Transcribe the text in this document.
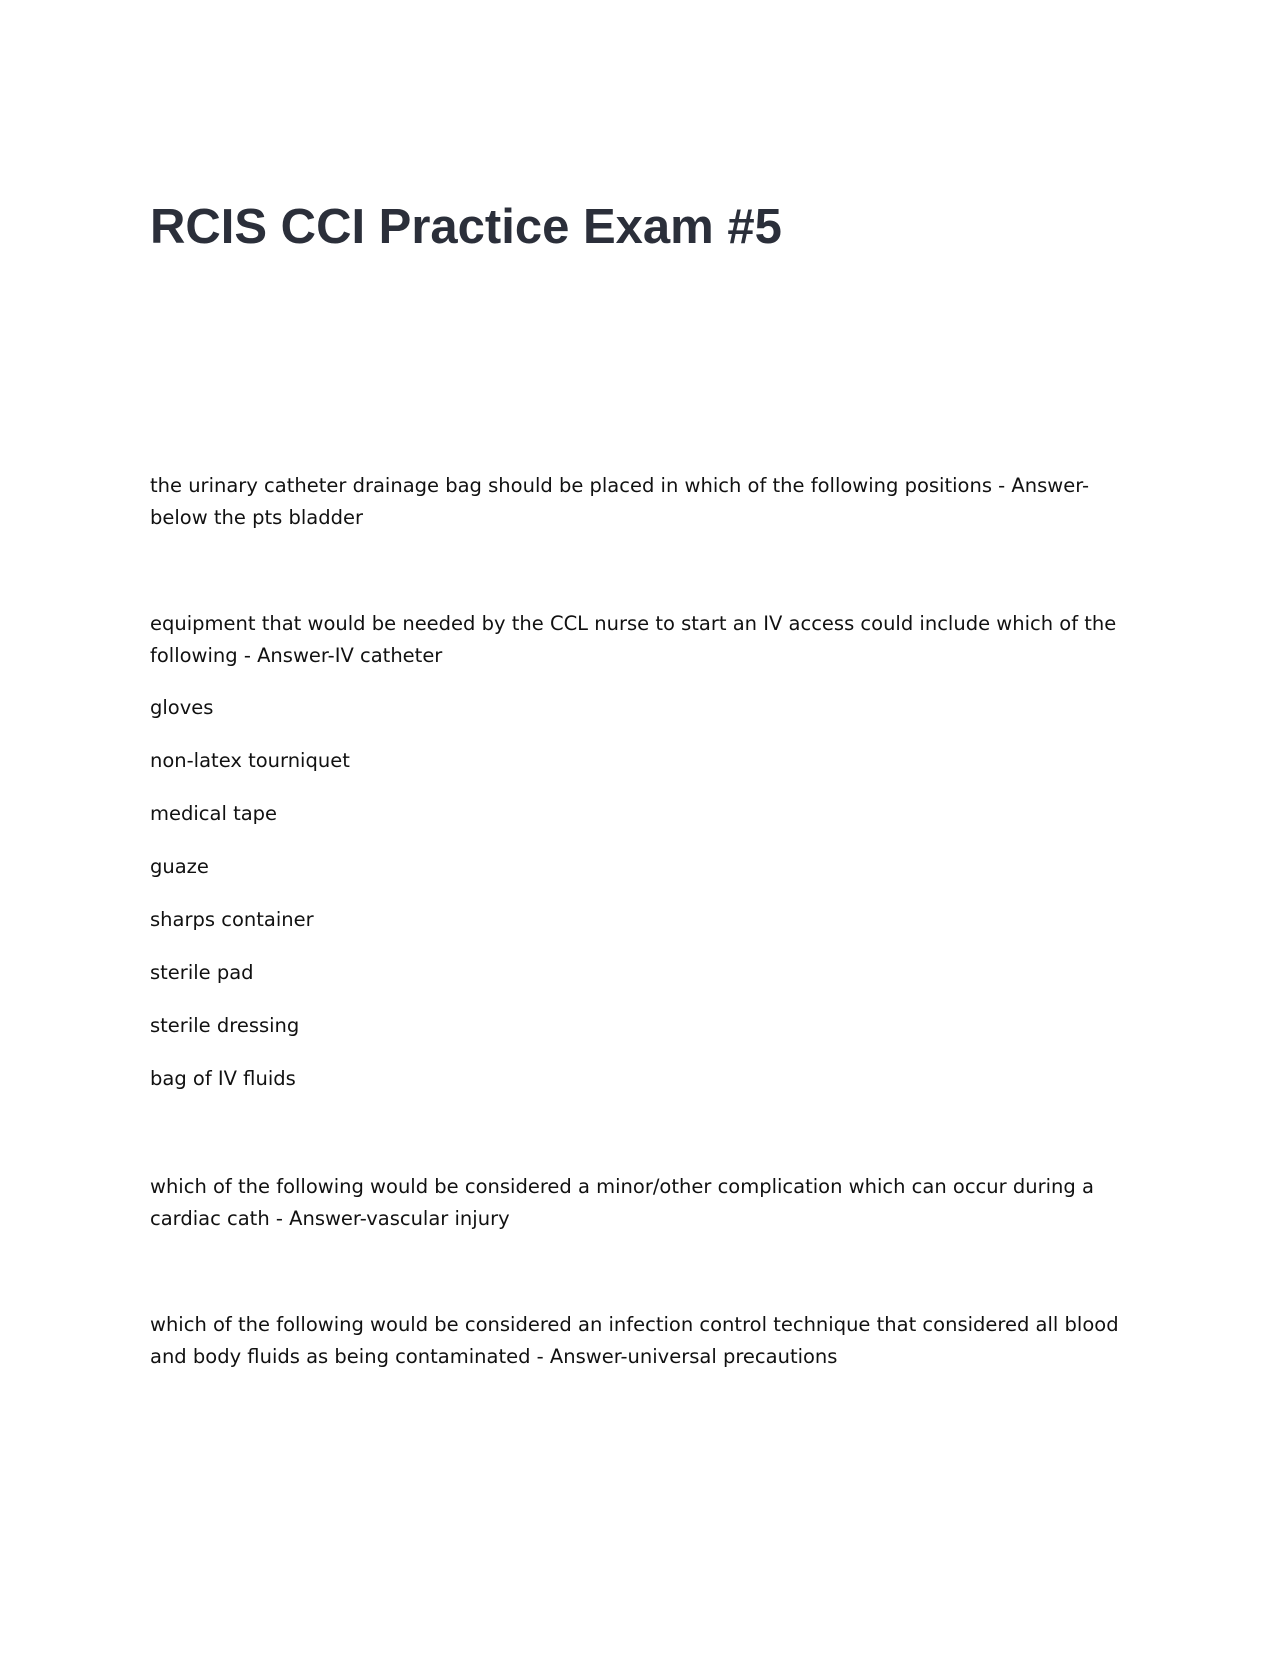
RCIS CCI Practice Exam #5

the urinary catheter drainage bag should be placed in which of the following positions - Answer-below the pts bladder

equipment that would be needed by the CCL nurse to start an IV access could include which of the following - Answer-IV catheter

gloves

non-latex tourniquet

medical tape

guaze

sharps container

sterile pad

sterile dressing

bag of IV fluids

which of the following would be considered a minor/other complication which can occur during a cardiac cath - Answer-vascular injury

which of the following would be considered an infection control technique that considered all blood and body fluids as being contaminated - Answer-universal precautions
